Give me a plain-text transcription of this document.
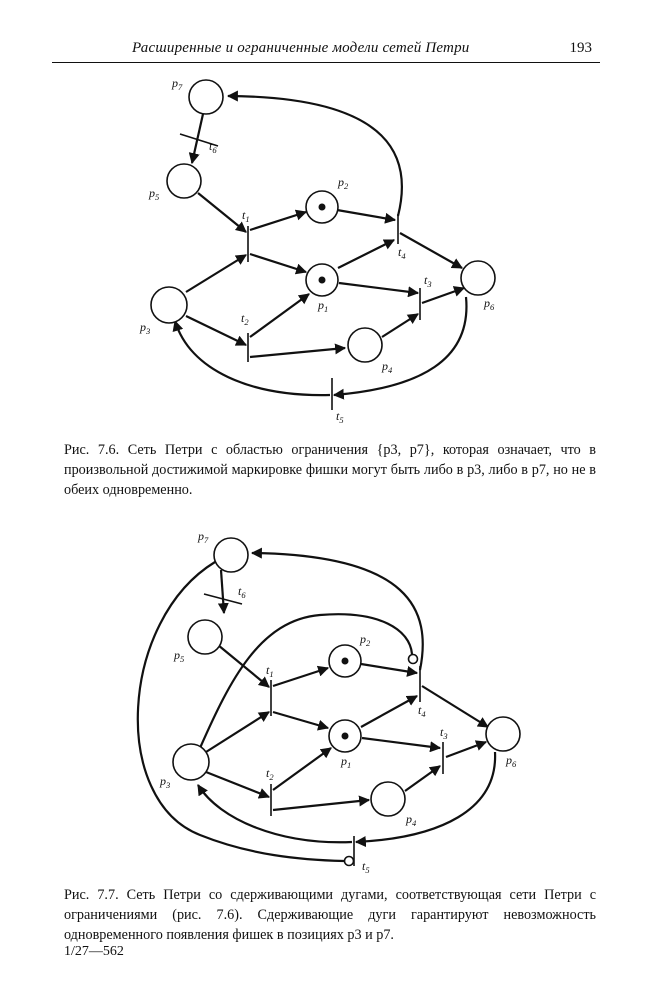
Расширенные и ограниченные модели сетей Петри	193
$p_7$
$t_6$
$p_5$
$p_2$
$t_1$
$t_4$
$p_6$
$p_1$
$t_3$
$p_3$
$t_2$
$p_4$
$t_5$
Рис. 7.6. Сеть Петри с областью ограничения {p3, p7}, которая означает, что в произвольной достижимой маркировке фишки могут быть либо в p3, либо в p7, но не в обеих одновременно.
$p_7$
$t_6$
$p_5$
$p_2$
$t_1$
$t_4$
$p_6$
$p_1$
$t_3$
$p_3$
$t_2$
$p_4$
$t_5$
Рис. 7.7. Сеть Петри со сдерживающими дугами, соответствующая сети Петри с ограничениями (рис. 7.6). Сдерживающие дуги гарантируют невозможность одновременного появления фишек в позициях p3 и p7.
1/27—562
